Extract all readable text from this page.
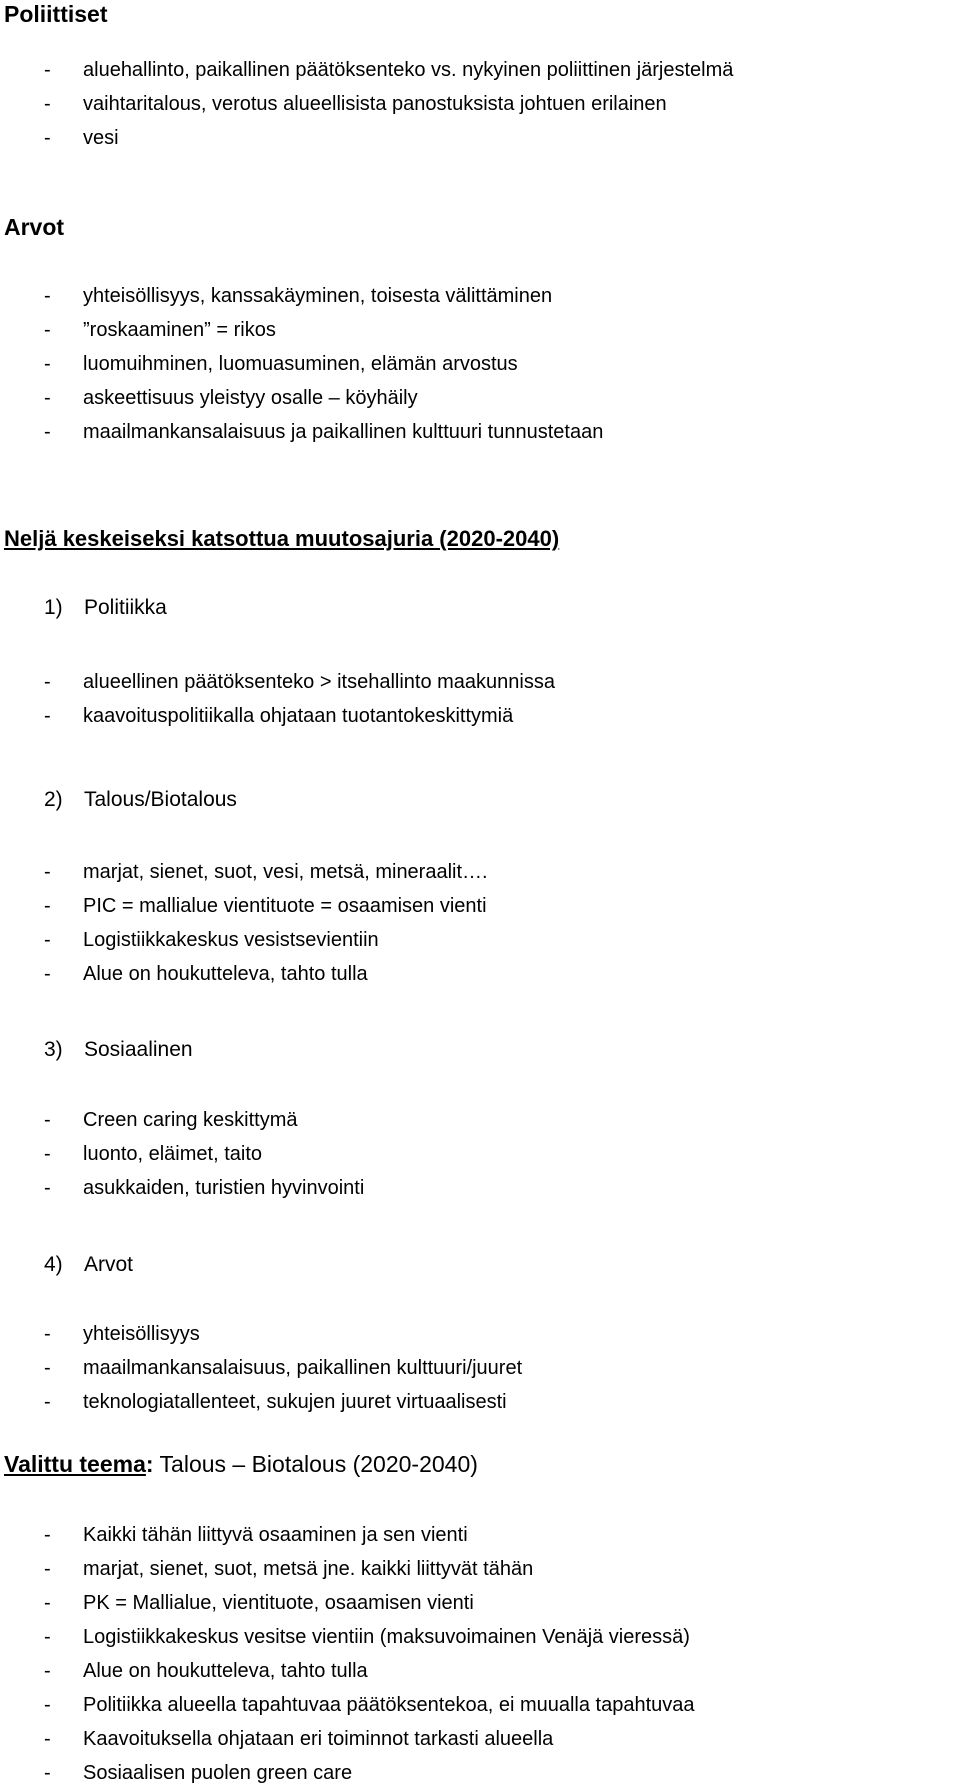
Poliittiset
- aluehallinto, paikallinen päätöksenteko vs. nykyinen poliittinen järjestelmä
- vaihtaritalous, verotus alueellisista panostuksista johtuen erilainen
- vesi
Arvot
- yhteisöllisyys, kanssakäyminen, toisesta välittäminen
- ”roskaaminen” = rikos
- luomuihminen, luomuasuminen, elämän arvostus
- askeettisuus yleistyy osalle – köyhäily
- maailmankansalaisuus ja paikallinen kulttuuri tunnustetaan
Neljä keskeiseksi katsottua muutosajuria (2020-2040)

1) Politiikka

- alueellinen päätöksenteko > itsehallinto maakunnissa
- kaavoituspolitiikalla ohjataan tuotantokeskittymiä

2) Talous/Biotalous

- marjat, sienet, suot, vesi, metsä, mineraalit….
- PIC = mallialue vientituote = osaamisen vienti
- Logistiikkakeskus vesistsevientiin
- Alue on houkutteleva, tahto tulla

3) Sosiaalinen

- Creen caring keskittymä
- luonto, eläimet, taito
- asukkaiden, turistien hyvinvointi

4) Arvot

- yhteisöllisyys
- maailmankansalaisuus, paikallinen kulttuuri/juuret
- teknologiatallenteet, sukujen juuret virtuaalisesti
Valittu teema: Talous – Biotalous (2020-2040)
- Kaikki tähän liittyvä osaaminen ja sen vienti
- marjat, sienet, suot, metsä jne. kaikki liittyvät tähän
- PK = Mallialue, vientituote, osaamisen vienti
- Logistiikkakeskus vesitse vientiin (maksuvoimainen Venäjä vieressä)
- Alue on houkutteleva, tahto tulla
- Politiikka alueella tapahtuvaa päätöksentekoa, ei muualla tapahtuvaa
- Kaavoituksella ohjataan eri toiminnot tarkasti alueella
- Sosiaalisen puolen green care
